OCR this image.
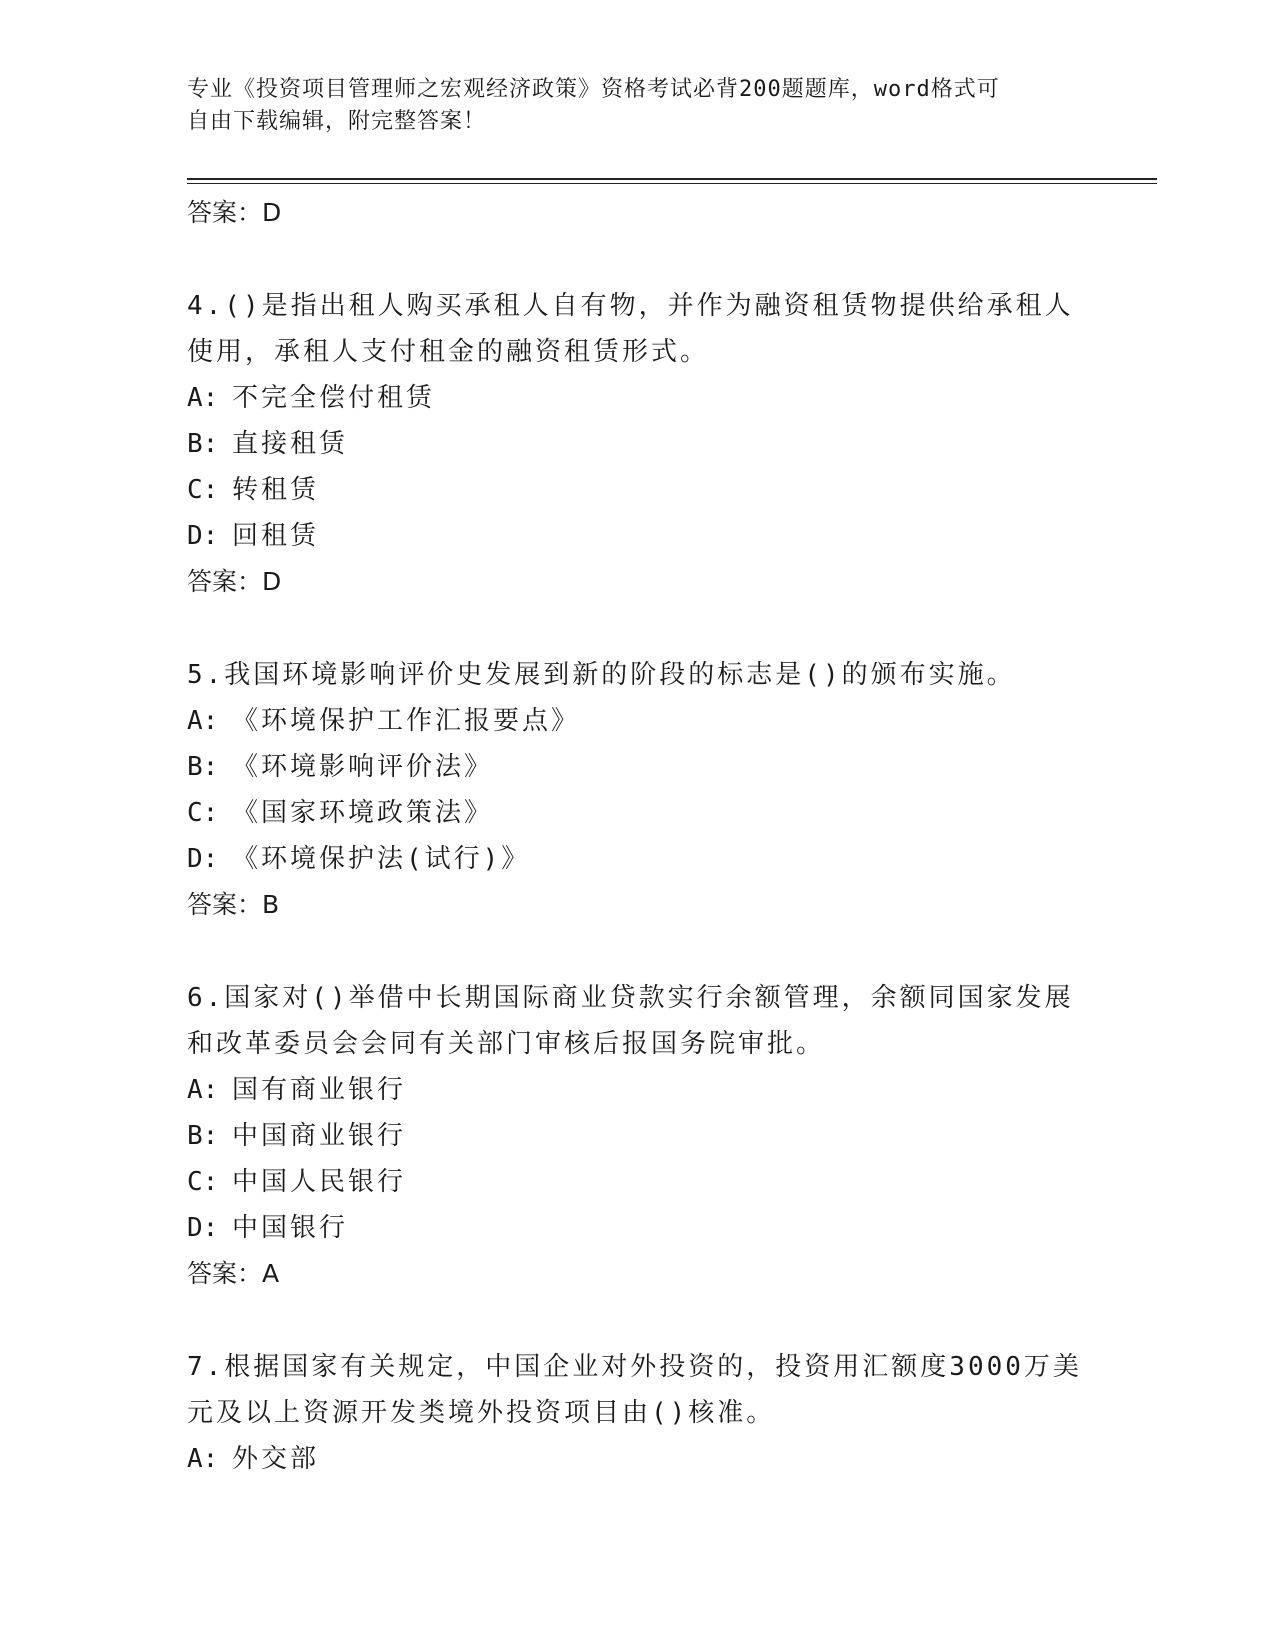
专业《投资项目管理师之宏观经济政策》资格考试必背200题题库，word格式可
自由下载编辑，附完整答案！

答案：D

4.()是指出租人购买承租人自有物，并作为融资租赁物提供给承租人

使用，承租人支付租金的融资租赁形式。

A: 不完全偿付租赁

B: 直接租赁

C: 转租赁

D: 回租赁

答案：D

5.我国环境影响评价史发展到新的阶段的标志是()的颁布实施。

A: 《环境保护工作汇报要点》

B: 《环境影响评价法》

C: 《国家环境政策法》

D: 《环境保护法(试行)》

答案：B

6.国家对()举借中长期国际商业贷款实行余额管理，余额同国家发展

和改革委员会会同有关部门审核后报国务院审批。

A: 国有商业银行

B: 中国商业银行

C: 中国人民银行

D: 中国银行

答案：A

7.根据国家有关规定，中国企业对外投资的，投资用汇额度3000万美

元及以上资源开发类境外投资项目由()核准。

A: 外交部
